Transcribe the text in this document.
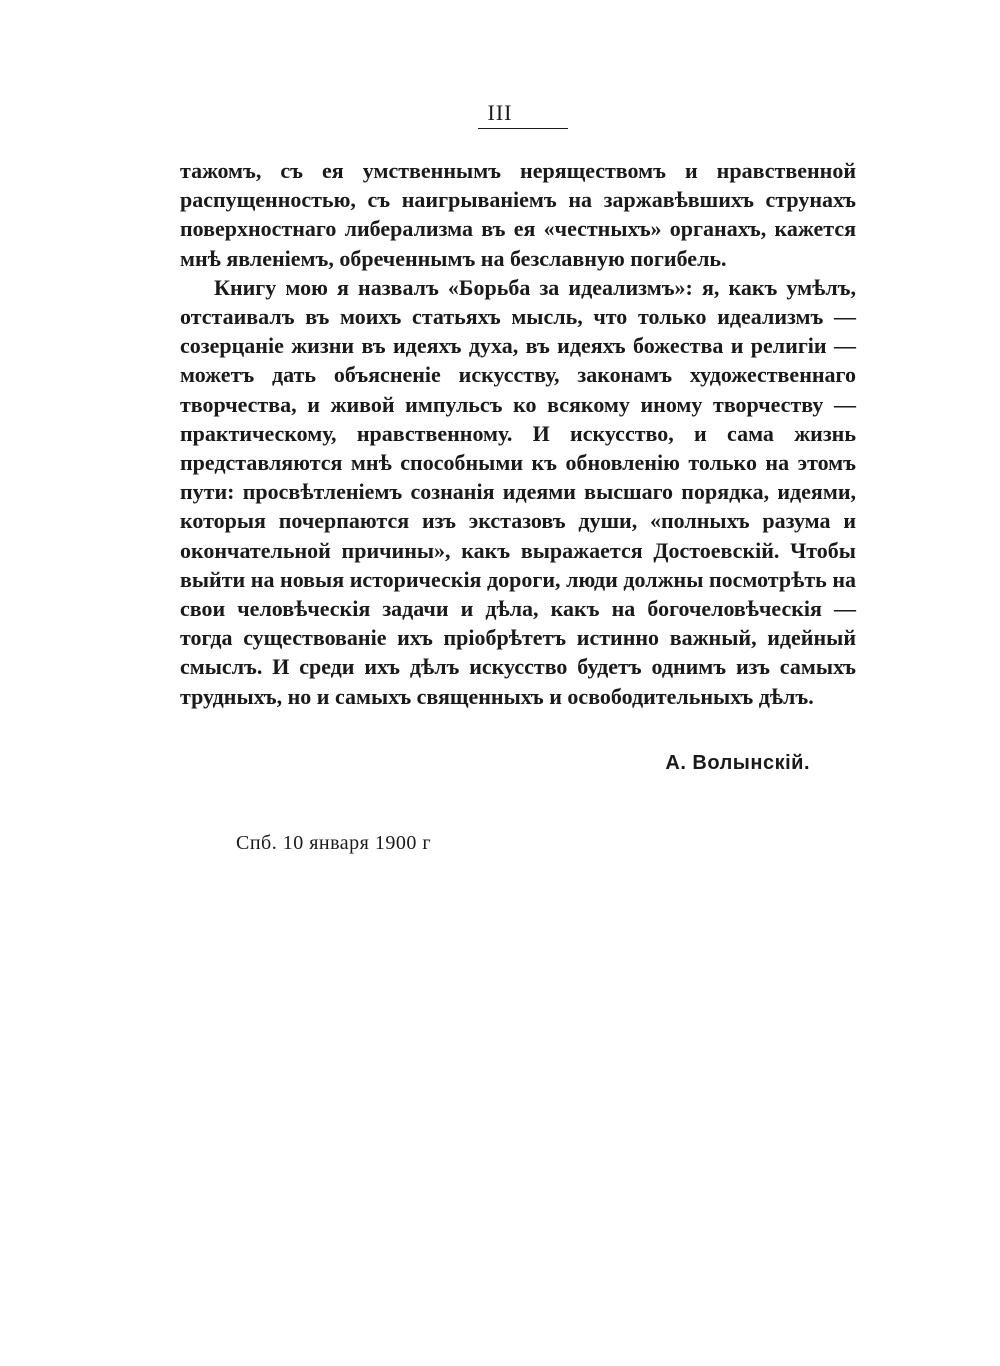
III

тажомъ, съ ея умственнымъ неряществомъ и нравственной распущенностью, съ наигрываніемъ на заржавѣвшихъ струнахъ поверхностнаго либерализма въ ея «честныхъ» органахъ, кажется мнѣ явленіемъ, обреченнымъ на безславную погибель.

Книгу мою я назвалъ «Борьба за идеализмъ»: я, какъ умѣлъ, отстаивалъ въ моихъ статьяхъ мысль, что только идеализмъ — созерцаніе жизни въ идеяхъ духа, въ идеяхъ божества и религіи — можетъ дать объясненіе искусству, законамъ художественнаго творчества, и живой импульсъ ко всякому иному творчеству — практическому, нравственному. И искусство, и сама жизнь представляются мнѣ способными къ обновленію только на этомъ пути: просвѣтленіемъ сознанія идеями высшаго порядка, идеями, которыя почерпаются изъ экстазовъ души, «полныхъ разума и окончательной причины», какъ выражается Достоевскій. Чтобы выйти на новыя историческія дороги, люди должны посмотрѣть на свои человѣческія задачи и дѣла, какъ на богочеловѣческія — тогда существованіе ихъ пріобрѣтетъ истинно важный, идейный смыслъ. И среди ихъ дѣлъ искусство будетъ однимъ изъ самыхъ трудныхъ, но и самыхъ священныхъ и освободительныхъ дѣлъ.

А. Волынскій.
Спб. 10 января 1900 г
